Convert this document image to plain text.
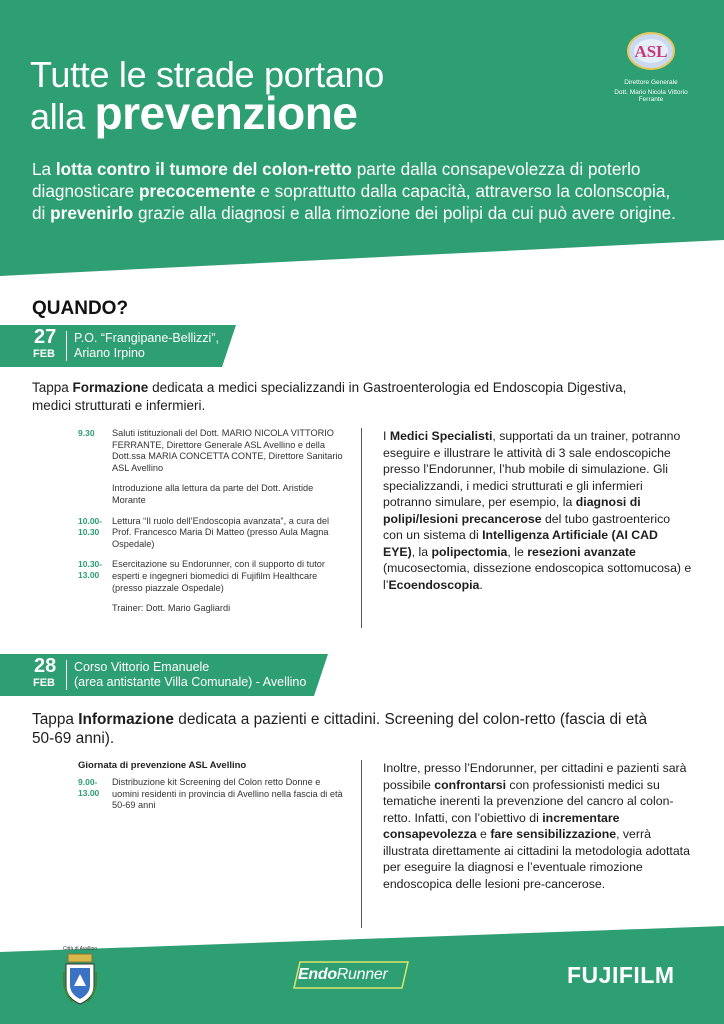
Tutte le strade portano
alla prevenzione
La lotta contro il tumore del colon-retto parte dalla consapevolezza di poterlo diagnosticare precocemente e soprattutto dalla capacità, attraverso la colonscopia, di prevenirlo grazie alla diagnosi e alla rimozione dei polipi da cui può avere origine.
ASL
Direttore Generale
Dott. Mario Nicola Vittorio Ferrante
QUANDO?
27
FEB
P.O. “Frangipane-Bellizzi”,
Ariano Irpino
Tappa Formazione dedicata a medici specializzandi in Gastroenterologia ed Endoscopia Digestiva, medici strutturati e infermieri.
9.30	Saluti istituzionali del Dott. MARIO NICOLA VITTORIO FERRANTE, Direttore Generale ASL Avellino e della Dott.ssa MARIA CONCETTA CONTE, Direttore Sanitario ASL Avellino
Introduzione alla lettura da parte del Dott. Aristide Morante
10.00-
10.30
Lettura “Il ruolo dell’Endoscopia avanzata”, a cura del Prof. Francesco Maria Di Matteo (presso Aula Magna Ospedale)
10.30-
13.00
Esercitazione su Endorunner, con il supporto di tutor esperti e ingegneri biomedici di Fujifilm Healthcare (presso piazzale Ospedale)
Trainer: Dott. Mario Gagliardi
I Medici Specialisti, supportati da un trainer, potranno eseguire e illustrare le attività di 3 sale endoscopiche presso l’Endorunner, l’hub mobile di simulazione. Gli specializzandi, i medici strutturati e gli infermieri potranno simulare, per esempio, la diagnosi di polipi/lesioni precancerose del tubo gastroenterico con un sistema di Intelligenza Artificiale (AI CAD EYE), la polipectomia, le resezioni avanzate (mucosectomia, dissezione endoscopica sottomucosa) e l’Ecoendoscopia.
28
FEB
Corso Vittorio Emanuele
(area antistante Villa Comunale) - Avellino
Tappa Informazione dedicata a pazienti e cittadini. Screening del colon-retto (fascia di età 50-69 anni).
Giornata di prevenzione ASL Avellino
9.00-
13.00
Distribuzione kit Screening del Colon retto Donne e uomini residenti in provincia di Avellino nella fascia di età 50-69 anni
Inoltre, presso l’Endorunner, per cittadini e pazienti sarà possibile confrontarsi con professionisti medici su tematiche inerenti la prevenzione del cancro al colon-retto. Infatti, con l’obiettivo di incrementare consapevolezza e fare sensibilizzazione, verrà illustrata direttamente ai cittadini la metodologia adottata per eseguire la diagnosi e l’eventuale rimozione endoscopica delle lesioni pre-cancerose.
Città di Avellino
EndoRunner	FUJIFILM
